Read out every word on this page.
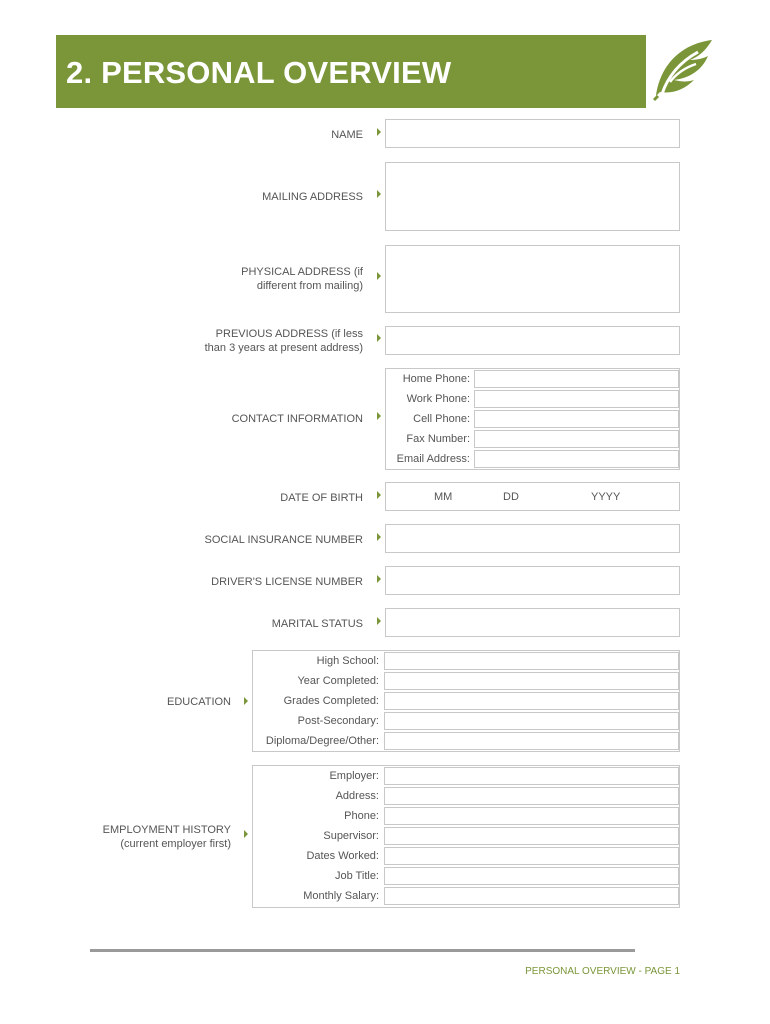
2. PERSONAL OVERVIEW
NAME
MAILING ADDRESS
PHYSICAL ADDRESS (if
different from mailing)
PREVIOUS ADDRESS (if less
than 3 years at present address)
CONTACT INFORMATION
Home Phone:
Work Phone:
Cell Phone:
Fax Number:
Email Address:
DATE OF BIRTH	MM	DD	YYYY
SOCIAL INSURANCE NUMBER
DRIVER'S LICENSE NUMBER
MARITAL STATUS
EDUCATION
High School:
Year Completed:
Grades Completed:
Post-Secondary:
Diploma/Degree/Other:
EMPLOYMENT HISTORY
(current employer first)
Employer:
Address:
Phone:
Supervisor:
Dates Worked:
Job Title:
Monthly Salary:
PERSONAL OVERVIEW - PAGE 1
